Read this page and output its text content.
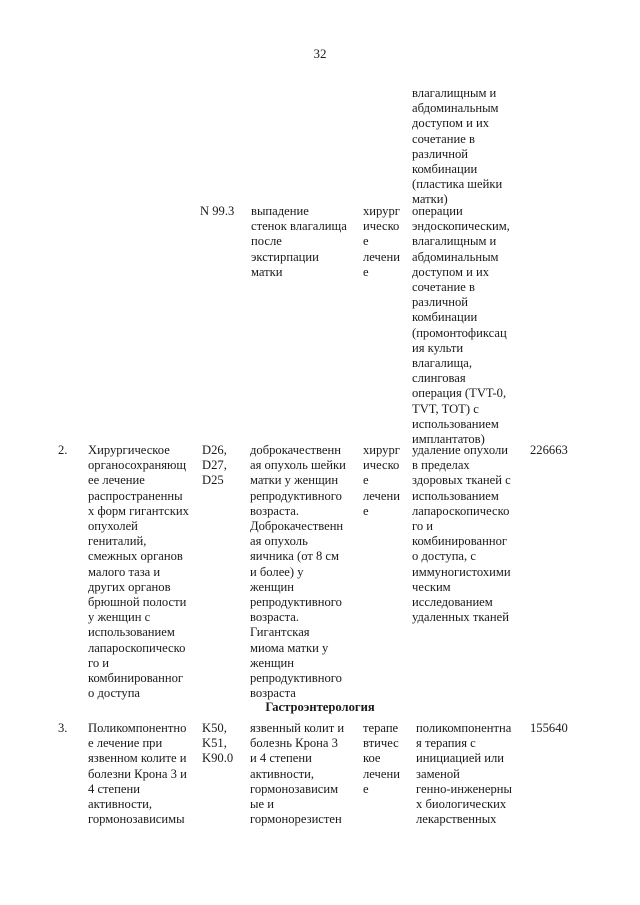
32
влагалищным и
абдоминальным
доступом и их
сочетание в
различной
комбинации
(пластика шейки
матки)
N 99.3 выпадение
стенок влагалища
после
экстирпации
матки
хирург
ическо
е
лечени
е
операции
эндоскопическим,
влагалищным и
абдоминальным
доступом и их
сочетание в
различной
комбинации
(промонтофиксац
ия культи
влагалища,
слинговая
операция (TVT-0,
TVT, TOT) с
использованием
имплантатов)
2. Хирургическое
органосохраняющ
ее лечение
распространенны
х форм гигантских
опухолей
гениталий,
смежных органов
малого таза и
других органов
брюшной полости
у женщин с
использованием
лапароскопическо
го и
комбинированног
о доступа
D26,
D27,
D25
доброкачественн
ая опухоль шейки
матки у женщин
репродуктивного
возраста.
Доброкачественн
ая опухоль
яичника (от 8 см
и более) у
женщин
репродуктивного
возраста.
Гигантская
миома матки у
женщин
репродуктивного
возраста
хирург
ическо
е
лечени
е
удаление опухоли
в пределах
здоровых тканей с
использованием
лапароскопическо
го и
комбинированног
о доступа, с
иммуногистохими
ческим
исследованием
удаленных тканей
226663
Гастроэнтерология
3. Поликомпонентно
е лечение при
язвенном колите и
болезни Крона 3 и
4 степени
активности,
гормонозависимы
K50,
K51,
K90.0
язвенный колит и
болезнь Крона 3
и 4 степени
активности,
гормонозависим
ые и
гормонорезистен
терапе
втичес
кое
лечени
е
поликомпонентна
я терапия с
инициацией или
заменой
генно-инженерны
х биологических
лекарственных
155640
